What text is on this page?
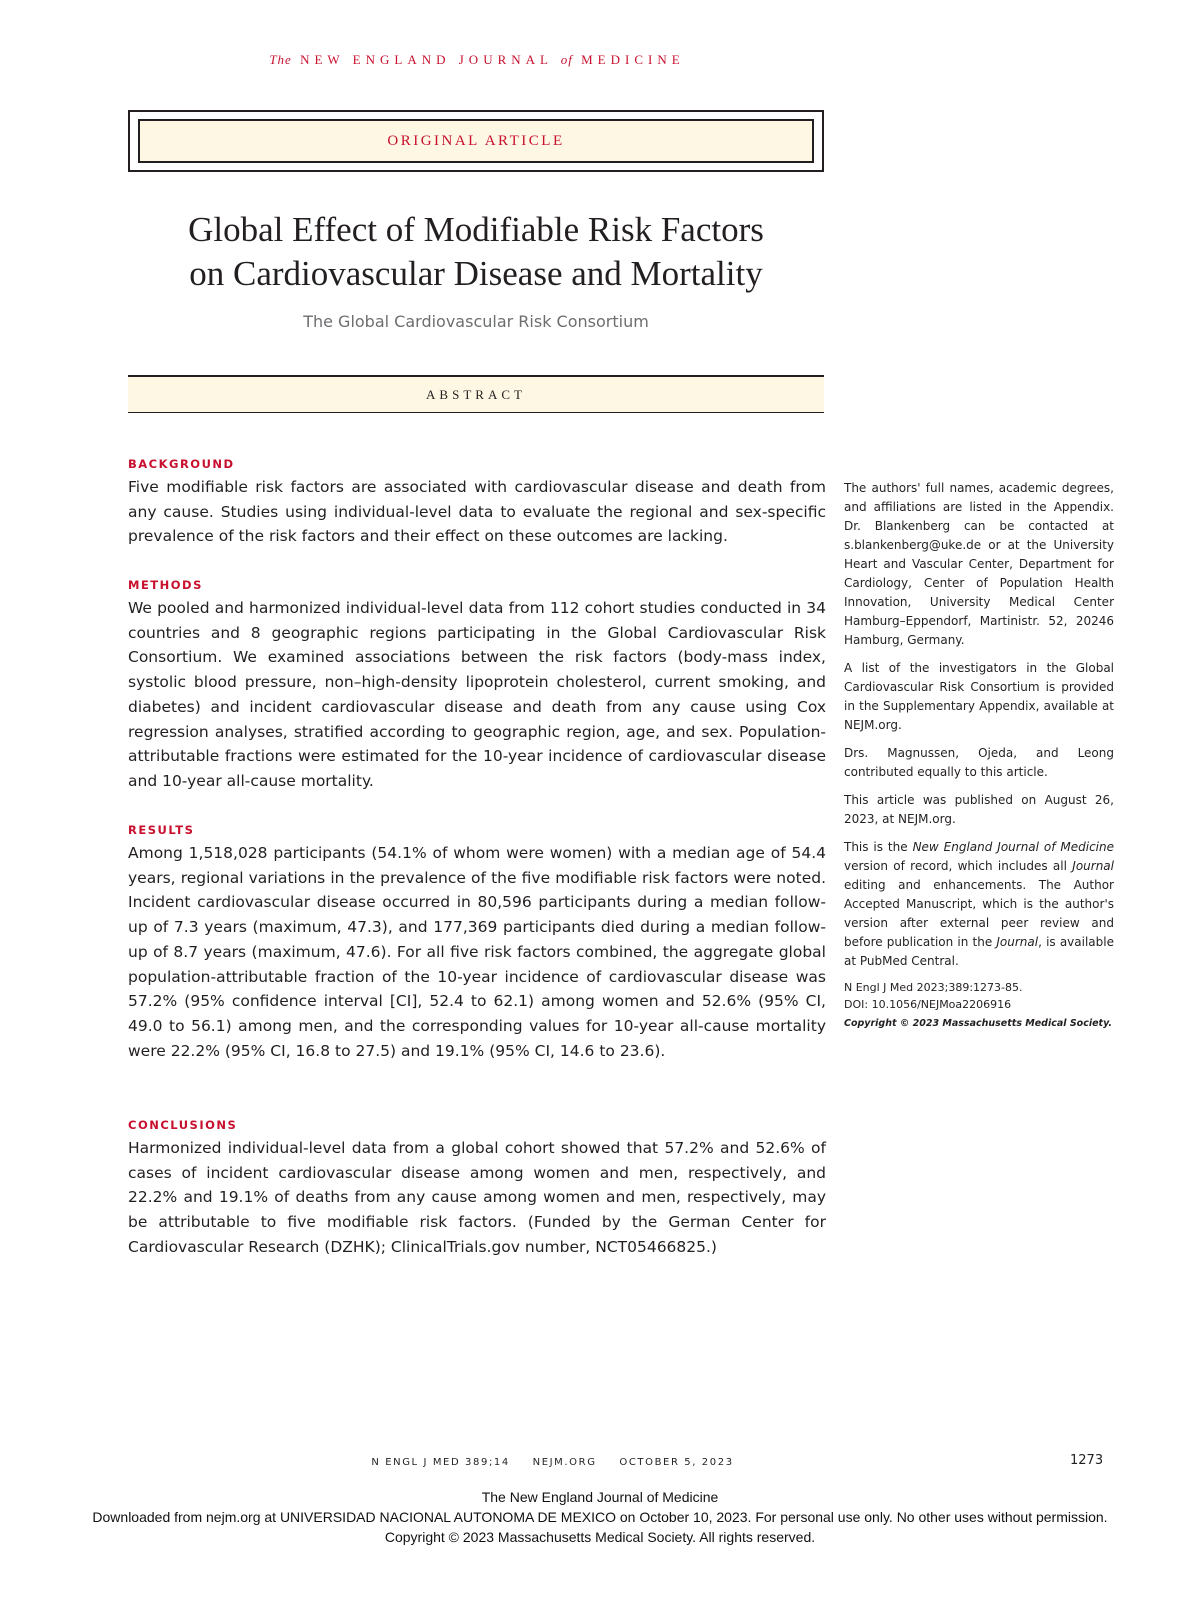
The NEW ENGLAND JOURNAL of MEDICINE
ORIGINAL ARTICLE
Global Effect of Modifiable Risk Factors
on Cardiovascular Disease and Mortality
The Global Cardiovascular Risk Consortium
ABSTRACT
BACKGROUND
Five modifiable risk factors are associated with cardiovascular disease and death from any cause. Studies using individual-level data to evaluate the regional and sex-specific prevalence of the risk factors and their effect on these outcomes are lacking.
METHODS
We pooled and harmonized individual-level data from 112 cohort studies conducted in 34 countries and 8 geographic regions participating in the Global Cardiovascular Risk Consortium. We examined associations between the risk factors (body-mass index, systolic blood pressure, non–high-density lipoprotein cholesterol, current smoking, and diabetes) and incident cardiovascular disease and death from any cause using Cox regression analyses, stratified according to geographic region, age, and sex. Population-attributable fractions were estimated for the 10-year incidence of cardiovascular disease and 10-year all-cause mortality.
RESULTS
Among 1,518,028 participants (54.1% of whom were women) with a median age of 54.4 years, regional variations in the prevalence of the five modifiable risk factors were noted. Incident cardiovascular disease occurred in 80,596 participants during a median follow-up of 7.3 years (maximum, 47.3), and 177,369 participants died during a median follow-up of 8.7 years (maximum, 47.6). For all five risk factors combined, the aggregate global population-attributable fraction of the 10-year incidence of cardiovascular disease was 57.2% (95% confidence interval [CI], 52.4 to 62.1) among women and 52.6% (95% CI, 49.0 to 56.1) among men, and the corresponding values for 10-year all-cause mortality were 22.2% (95% CI, 16.8 to 27.5) and 19.1% (95% CI, 14.6 to 23.6).
CONCLUSIONS
Harmonized individual-level data from a global cohort showed that 57.2% and 52.6% of cases of incident cardiovascular disease among women and men, respectively, and 22.2% and 19.1% of deaths from any cause among women and men, respectively, may be attributable to five modifiable risk factors. (Funded by the German Center for Cardiovascular Research (DZHK); ClinicalTrials.gov number, NCT05466825.)

The authors' full names, academic degrees, and affiliations are listed in the Appendix. Dr. Blankenberg can be contacted at s.blankenberg@uke.de or at the University Heart and Vascular Center, Department for Cardiology, Center of Population Health Innovation, University Medical Center Hamburg–Eppendorf, Martinistr. 52, 20246 Hamburg, Germany.

A list of the investigators in the Global Cardiovascular Risk Consortium is provided in the Supplementary Appendix, available at NEJM.org.

Drs. Magnussen, Ojeda, and Leong contributed equally to this article.

This article was published on August 26, 2023, at NEJM.org.

This is the New England Journal of Medicine version of record, which includes all Journal editing and enhancements. The Author Accepted Manuscript, which is the author's version after external peer review and before publication in the Journal, is available at PubMed Central.

N Engl J Med 2023;389:1273-85.
DOI: 10.1056/NEJMoa2206916
Copyright © 2023 Massachusetts Medical Society.
N ENGL J MED 389;14 NEJM.ORG OCTOBER 5, 2023	1273
The New England Journal of Medicine
Downloaded from nejm.org at UNIVERSIDAD NACIONAL AUTONOMA DE MEXICO on October 10, 2023. For personal use only. No other uses without permission.
Copyright © 2023 Massachusetts Medical Society. All rights reserved.
